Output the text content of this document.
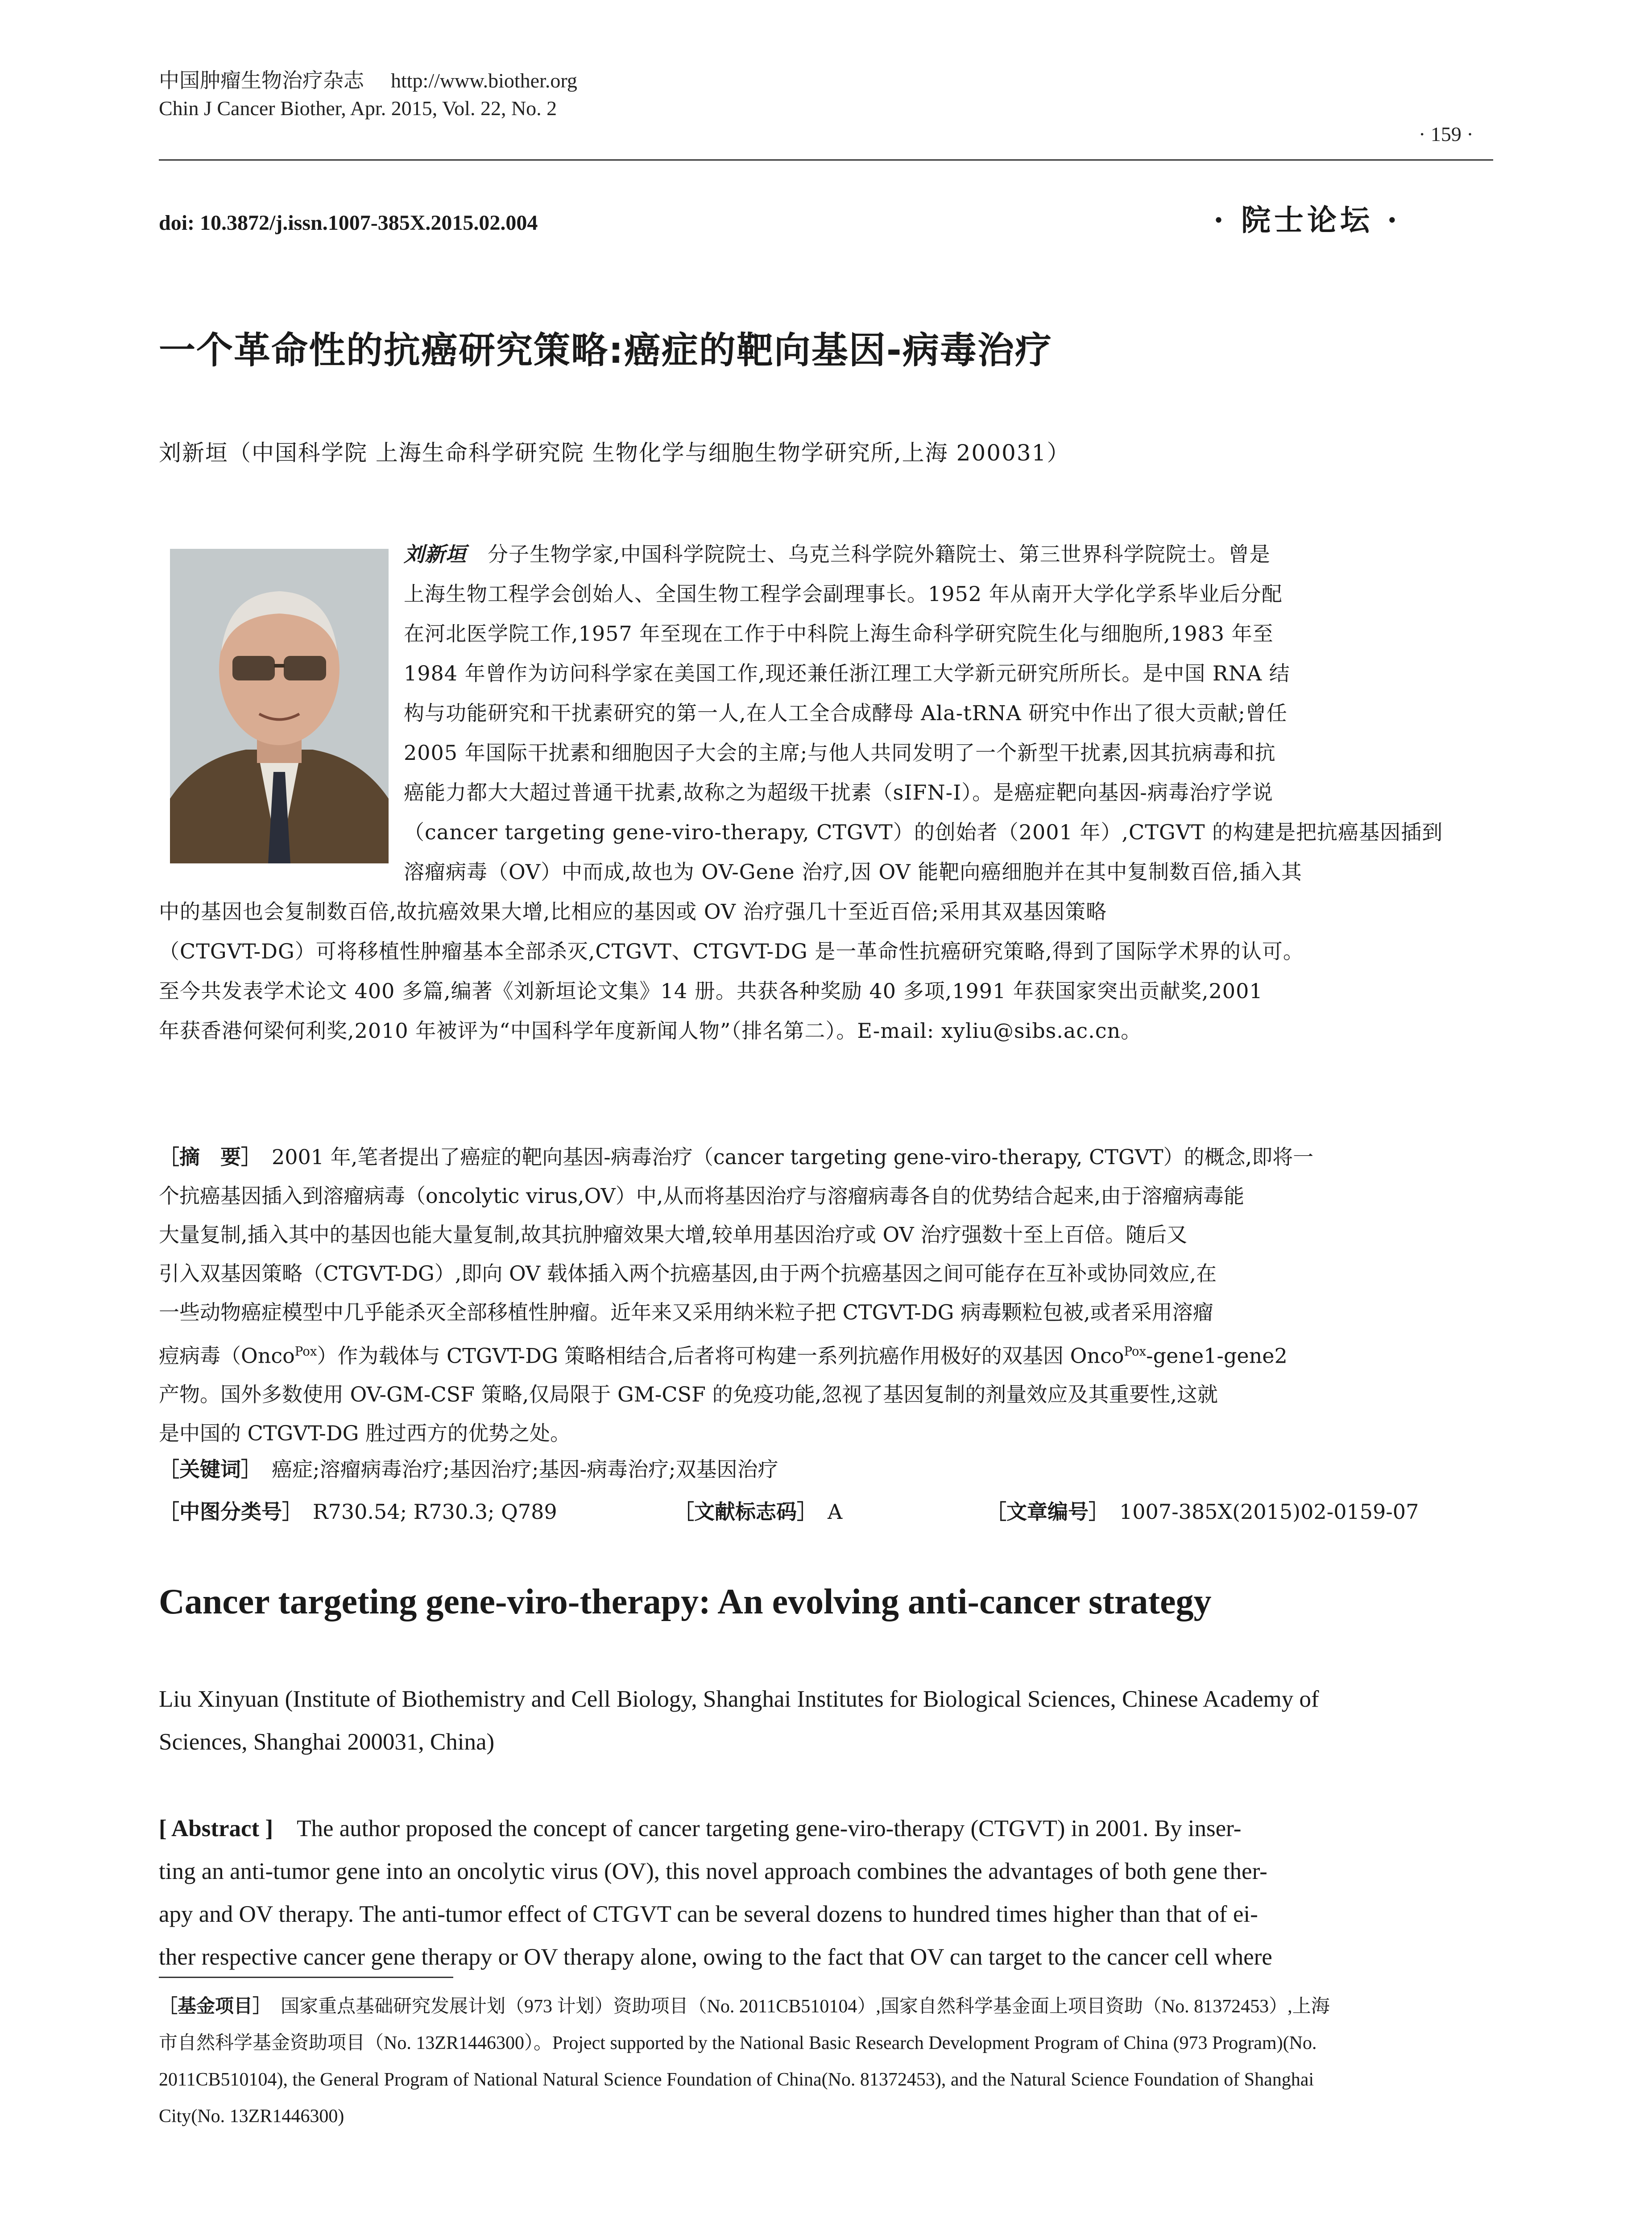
中国肿瘤生物治疗杂志 http://www.biother.org
Chin J Cancer Biother, Apr. 2015, Vol. 22, No. 2
· 159 ·
doi: 10.3872/j.issn.1007-385X.2015.02.004	· 院士论坛 ·
一个革命性的抗癌研究策略:癌症的靶向基因-病毒治疗
刘新垣（中国科学院 上海生命科学研究院 生物化学与细胞生物学研究所,上海 200031）

刘新垣　 分子生物学家,中国科学院院士、乌克兰科学院外籍院士、第三世界科学院院士。曾是

上海生物工程学会创始人、全国生物工程学会副理事长。1952 年从南开大学化学系毕业后分配

在河北医学院工作,1957 年至现在工作于中科院上海生命科学研究院生化与细胞所,1983 年至

1984 年曾作为访问科学家在美国工作,现还兼任浙江理工大学新元研究所所长。是中国 RNA 结

构与功能研究和干扰素研究的第一人,在人工全合成酵母 Ala-tRNA 研究中作出了很大贡献;曾任

2005 年国际干扰素和细胞因子大会的主席;与他人共同发明了一个新型干扰素,因其抗病毒和抗

癌能力都大大超过普通干扰素,故称之为超级干扰素（sIFN-Ⅰ）。是癌症靶向基因-病毒治疗学说

（cancer targeting gene-viro-therapy, CTGVT）的创始者（2001 年）,CTGVT 的构建是把抗癌基因插到

溶瘤病毒（OV）中而成,故也为 OV-Gene 治疗,因 OV 能靶向癌细胞并在其中复制数百倍,插入其

中的基因也会复制数百倍,故抗癌效果大增,比相应的基因或 OV 治疗强几十至近百倍;采用其双基因策略

（CTGVT-DG）可将移植性肿瘤基本全部杀灭,CTGVT、CTGVT-DG 是一革命性抗癌研究策略,得到了国际学术界的认可。

至今共发表学术论文 400 多篇,编著《刘新垣论文集》14 册。共获各种奖励 40 多项,1991 年获国家突出贡献奖,2001

年获香港何梁何利奖,2010 年被评为“中国科学年度新闻人物”（排名第二）。E-mail: xyliu@sibs.ac.cn。

［摘　要］　 2001 年,笔者提出了癌症的靶向基因-病毒治疗（cancer targeting gene-viro-therapy, CTGVT）的概念,即将一

个抗癌基因插入到溶瘤病毒（oncolytic virus,OV）中,从而将基因治疗与溶瘤病毒各自的优势结合起来,由于溶瘤病毒能

大量复制,插入其中的基因也能大量复制,故其抗肿瘤效果大增,较单用基因治疗或 OV 治疗强数十至上百倍。随后又

引入双基因策略（CTGVT-DG）,即向 OV 载体插入两个抗癌基因,由于两个抗癌基因之间可能存在互补或协同效应,在

一些动物癌症模型中几乎能杀灭全部移植性肿瘤。近年来又采用纳米粒子把 CTGVT-DG 病毒颗粒包被,或者采用溶瘤

痘病毒（Onco$^{Pox}$）作为载体与 CTGVT-DG 策略相结合,后者将可构建一系列抗癌作用极好的双基因 Onco$^{Pox}$-gene1-gene2

产物。国外多数使用 OV-GM-CSF 策略,仅局限于 GM-CSF 的免疫功能,忽视了基因复制的剂量效应及其重要性,这就

是中国的 CTGVT-DG 胜过西方的优势之处。

［关键词］　 癌症;溶瘤病毒治疗;基因治疗;基因-病毒治疗;双基因治疗
［中图分类号］　 R730.54; R730.3; Q789	［文献标志码］　 A	［文章编号］　 1007-385X(2015)02-0159-07
Cancer targeting gene-viro-therapy: An evolving anti-cancer strategy

Liu Xinyuan (Institute of Biothemistry and Cell Biology, Shanghai Institutes for Biological Sciences, Chinese Academy of

Sciences, Shanghai 200031, China)

[ Abstract ]　 The author proposed the concept of cancer targeting gene-viro-therapy (CTGVT) in 2001. By inser-

ting an anti-tumor gene into an oncolytic virus (OV), this novel approach combines the advantages of both gene ther-

apy and OV therapy. The anti-tumor effect of CTGVT can be several dozens to hundred times higher than that of ei-

ther respective cancer gene therapy or OV therapy alone, owing to the fact that OV can target to the cancer cell where

［基金项目］　 国家重点基础研究发展计划（973 计划）资助项目（No. 2011CB510104）,国家自然科学基金面上项目资助（No. 81372453）,上海

市自然科学基金资助项目（No. 13ZR1446300）。Project supported by the National Basic Research Development Program of China (973 Program)(No.

2011CB510104), the General Program of National Natural Science Foundation of China(No. 81372453), and the Natural Science Foundation of Shanghai

City(No. 13ZR1446300)
